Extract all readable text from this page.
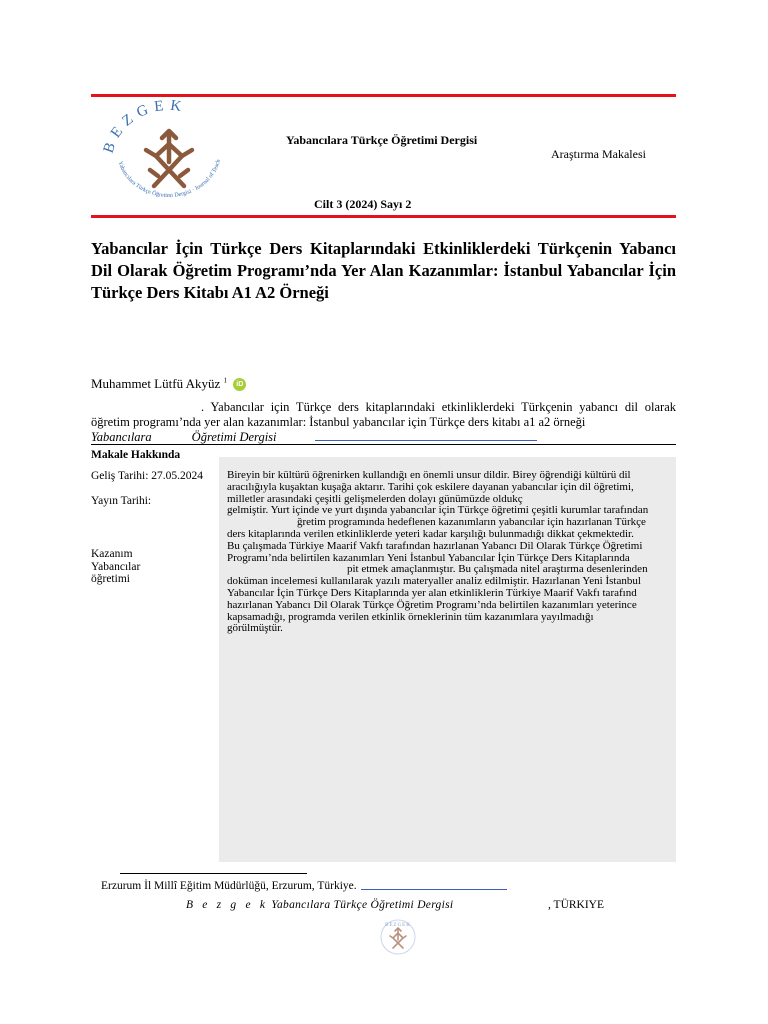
BEZGEK
Yabancılara Türkçe Öğretimi Dergisi · Journal of Teach
Yabancılara Türkçe Öğretimi Dergisi
Araştırma Makalesi
Cilt 3 (2024) Sayı 2
Yabancılar İçin Türkçe Ders Kitaplarındaki Etkinliklerdeki Türkçenin Yabancı Dil Olarak Öğretim Programı’nda Yer Alan Kazanımlar: İstanbul Yabancılar İçin Türkçe Ders Kitabı A1 A2 Örneği
Muhammet Lütfü Akyüz $^1$ iD
. Yabancılar için Türkçe ders kitaplarındaki etkinliklerdeki Türkçenin yabancı dil olarak
öğretim programı’nda yer alan kazanımlar: İstanbul yabancılar için Türkçe ders kitabı a1 a2 örneği
Yabancılara	Öğretimi Dergisi
Makale Hakkında
Geliş Tarihi: 27.05.2024
Yayın Tarihi:
Kazanım
Yabancılar
öğretimi
Bireyin bir kültürü öğrenirken kullandığı en önemli unsur dildir. Birey öğrendiği kültürü dil
aracılığıyla kuşaktan kuşağa aktarır. Tarihi çok eskilere dayanan yabancılar için dil öğretimi,
milletler arasındaki çeşitli gelişmelerden dolayı günümüzde oldukç
gelmiştir. Yurt içinde ve yurt dışında yabancılar için Türkçe öğretimi çeşitli kurumlar tarafından
ğretim programında hedeflenen kazanımların yabancılar için hazırlanan Türkçe
ders kitaplarında verilen etkinliklerde yeteri kadar karşılığı bulunmadığı dikkat çekmektedir.
Bu çalışmada Türkiye Maarif Vakfı tarafından hazırlanan Yabancı Dil Olarak Türkçe Öğretimi
Programı’nda belirtilen kazanımları Yeni İstanbul Yabancılar İçin Türkçe Ders Kitaplarında
pit etmek amaçlanmıştır. Bu çalışmada nitel araştırma desenlerinden
doküman incelemesi kullanılarak yazılı materyaller analiz edilmiştir. Hazırlanan Yeni İstanbul
Yabancılar İçin Türkçe Ders Kitaplarında yer alan etkinliklerin Türkiye Maarif Vakfı tarafınd
hazırlanan Yabancı Dil Olarak Türkçe Öğretim Programı’nda belirtilen kazanımları yeterince
kapsamadığı, programda verilen etkinlik örneklerinin tüm kazanımlara yayılmadığı
görülmüştür.
Erzurum İl Millî Eğitim Müdürlüğü, Erzurum, Türkiye.
B e z g e k Yabancılara Türkçe Öğretimi Dergisi	, TÜRKIYE
BEZGEK
